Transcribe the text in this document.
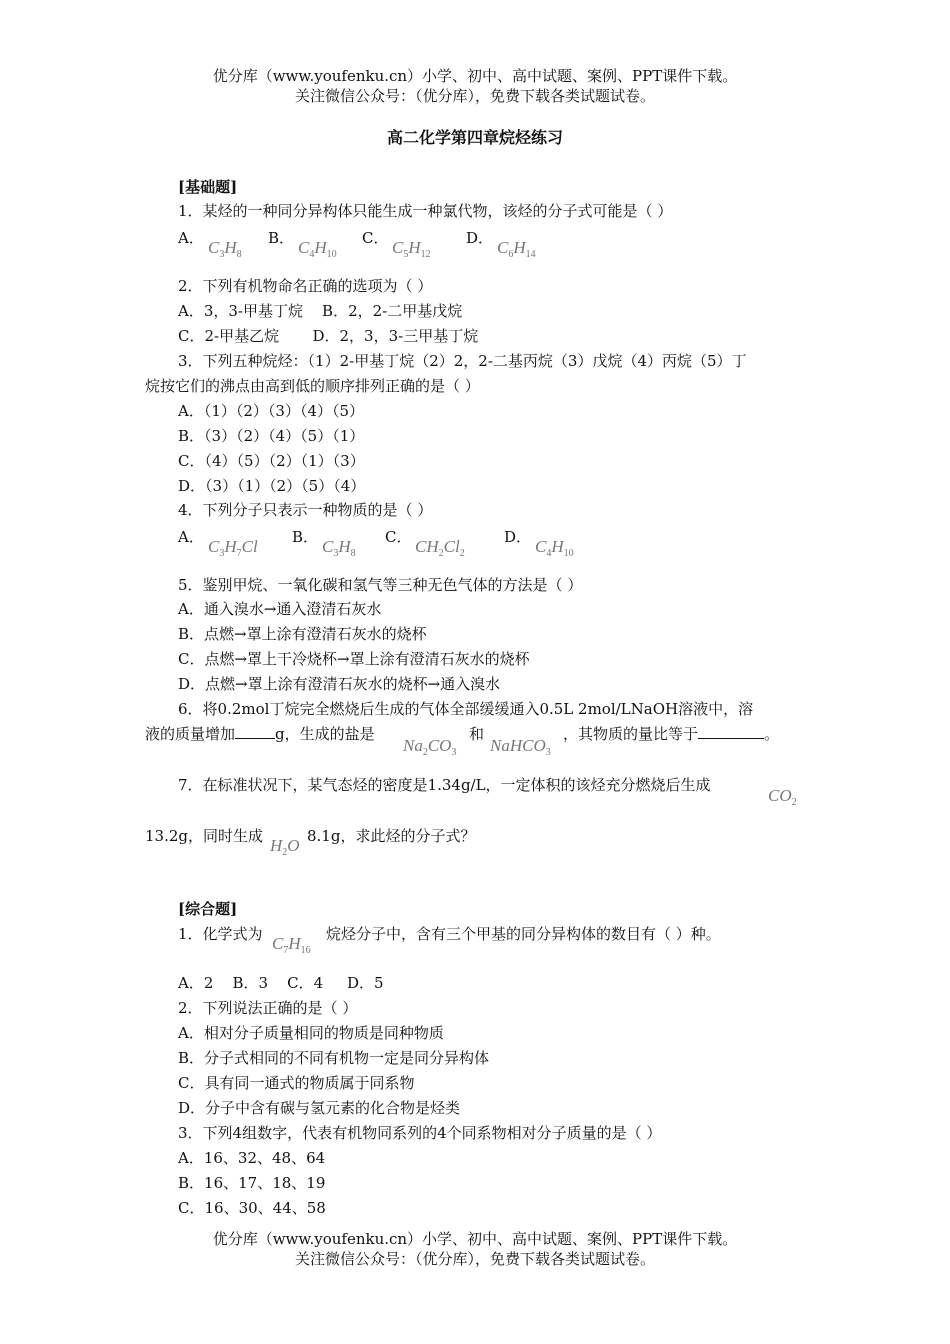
优分库（www.youfenku.cn）小学、初中、高中试题、案例、PPT课件下载。
关注微信公众号：（优分库），免费下载各类试题试卷。
高二化学第四章烷烃练习
[基础题]
1．某烃的一种同分异构体只能生成一种氯代物，该烃的分子式可能是（ ）
A． $C_3H_8$
B． $C_4H_{10}$
C． $C_5H_{12}$
D． $C_6H_{14}$
2．下列有机物命名正确的选项为（ ）
A．3，3-甲基丁烷    B．2，2-二甲基戊烷
C．2-甲基乙烷       D．2，3，3-三甲基丁烷
3．下列五种烷烃：（1）2-甲基丁烷（2）2，2-二基丙烷（3）戊烷（4）丙烷（5）丁
烷按它们的沸点由高到低的顺序排列正确的是（ ）
A．（1）（2）（3）（4）（5）
B．（3）（2）（4）（5）（1）
C．（4）（5）（2）（1）（3）
D．（3）（1）（2）（5）（4）
4．下列分子只表示一种物质的是（ ）
A． $C_3H_7Cl$ B． $C_3H_8$
C． $CH_2Cl_2$
D． $C_4H_{10}$
5．鉴别甲烷、一氧化碳和氢气等三种无色气体的方法是（ ）
A．通入溴水→通入澄清石灰水
B．点燃→罩上涂有澄清石灰水的烧杯
C．点燃→罩上干冷烧杯→罩上涂有澄清石灰水的烧杯
D．点燃→罩上涂有澄清石灰水的烧杯→通入溴水
6．将0.2mol丁烷完全燃烧后生成的气体全部缓缓通入0.5L 2mol/LNaOH溶液中，溶
液的质量增加	g，生成的盐是
$Na_2CO_3$
和
NaHCO$_3$
，其物质的量比等于	。
7．在标准状况下，某气态烃的密度是1.34g/L，一定体积的该烃充分燃烧后生成
$CO_2$
13.2g，同时生成 $H_2O$ 8.1g，求此烃的分子式？
[综合题]
1．化学式为 $C_7H_{16}$
烷烃分子中，含有三个甲基的同分异构体的数目有（ ）种。
A．2    B．3    C．4     D．5
2．下列说法正确的是（ ）
A．相对分子质量相同的物质是同种物质
B．分子式相同的不同有机物一定是同分异构体
C．具有同一通式的物质属于同系物
D．分子中含有碳与氢元素的化合物是烃类
3．下列4组数字，代表有机物同系列的4个同系物相对分子质量的是（ ）
A．16、32、48、64
B．16、17、18、19
C．16、30、44、58
优分库（www.youfenku.cn）小学、初中、高中试题、案例、PPT课件下载。
关注微信公众号：（优分库），免费下载各类试题试卷。
